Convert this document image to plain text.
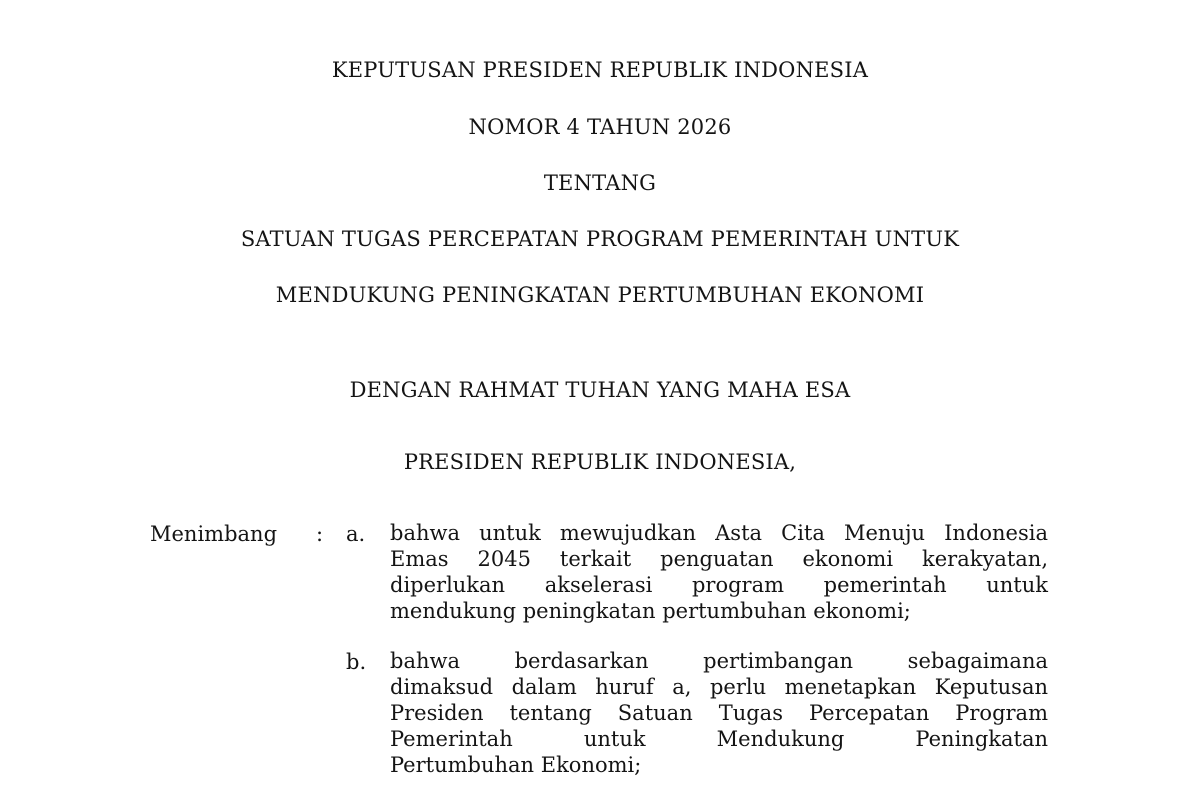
KEPUTUSAN PRESIDEN REPUBLIK INDONESIA
NOMOR 4 TAHUN 2026
TENTANG
SATUAN TUGAS PERCEPATAN PROGRAM PEMERINTAH UNTUK
MENDUKUNG PENINGKATAN PERTUMBUHAN EKONOMI
DENGAN RAHMAT TUHAN YANG MAHA ESA
PRESIDEN REPUBLIK INDONESIA,
Menimbang : a. bahwa untuk mewujudkan Asta Cita Menuju Indonesia
Emas 2045 terkait penguatan ekonomi kerakyatan,
diperlukan akselerasi program pemerintah untuk
mendukung peningkatan pertumbuhan ekonomi;
b. bahwa berdasarkan pertimbangan sebagaimana
dimaksud dalam huruf a, perlu menetapkan Keputusan
Presiden tentang Satuan Tugas Percepatan Program
Pemerintah untuk Mendukung Peningkatan
Pertumbuhan Ekonomi;
